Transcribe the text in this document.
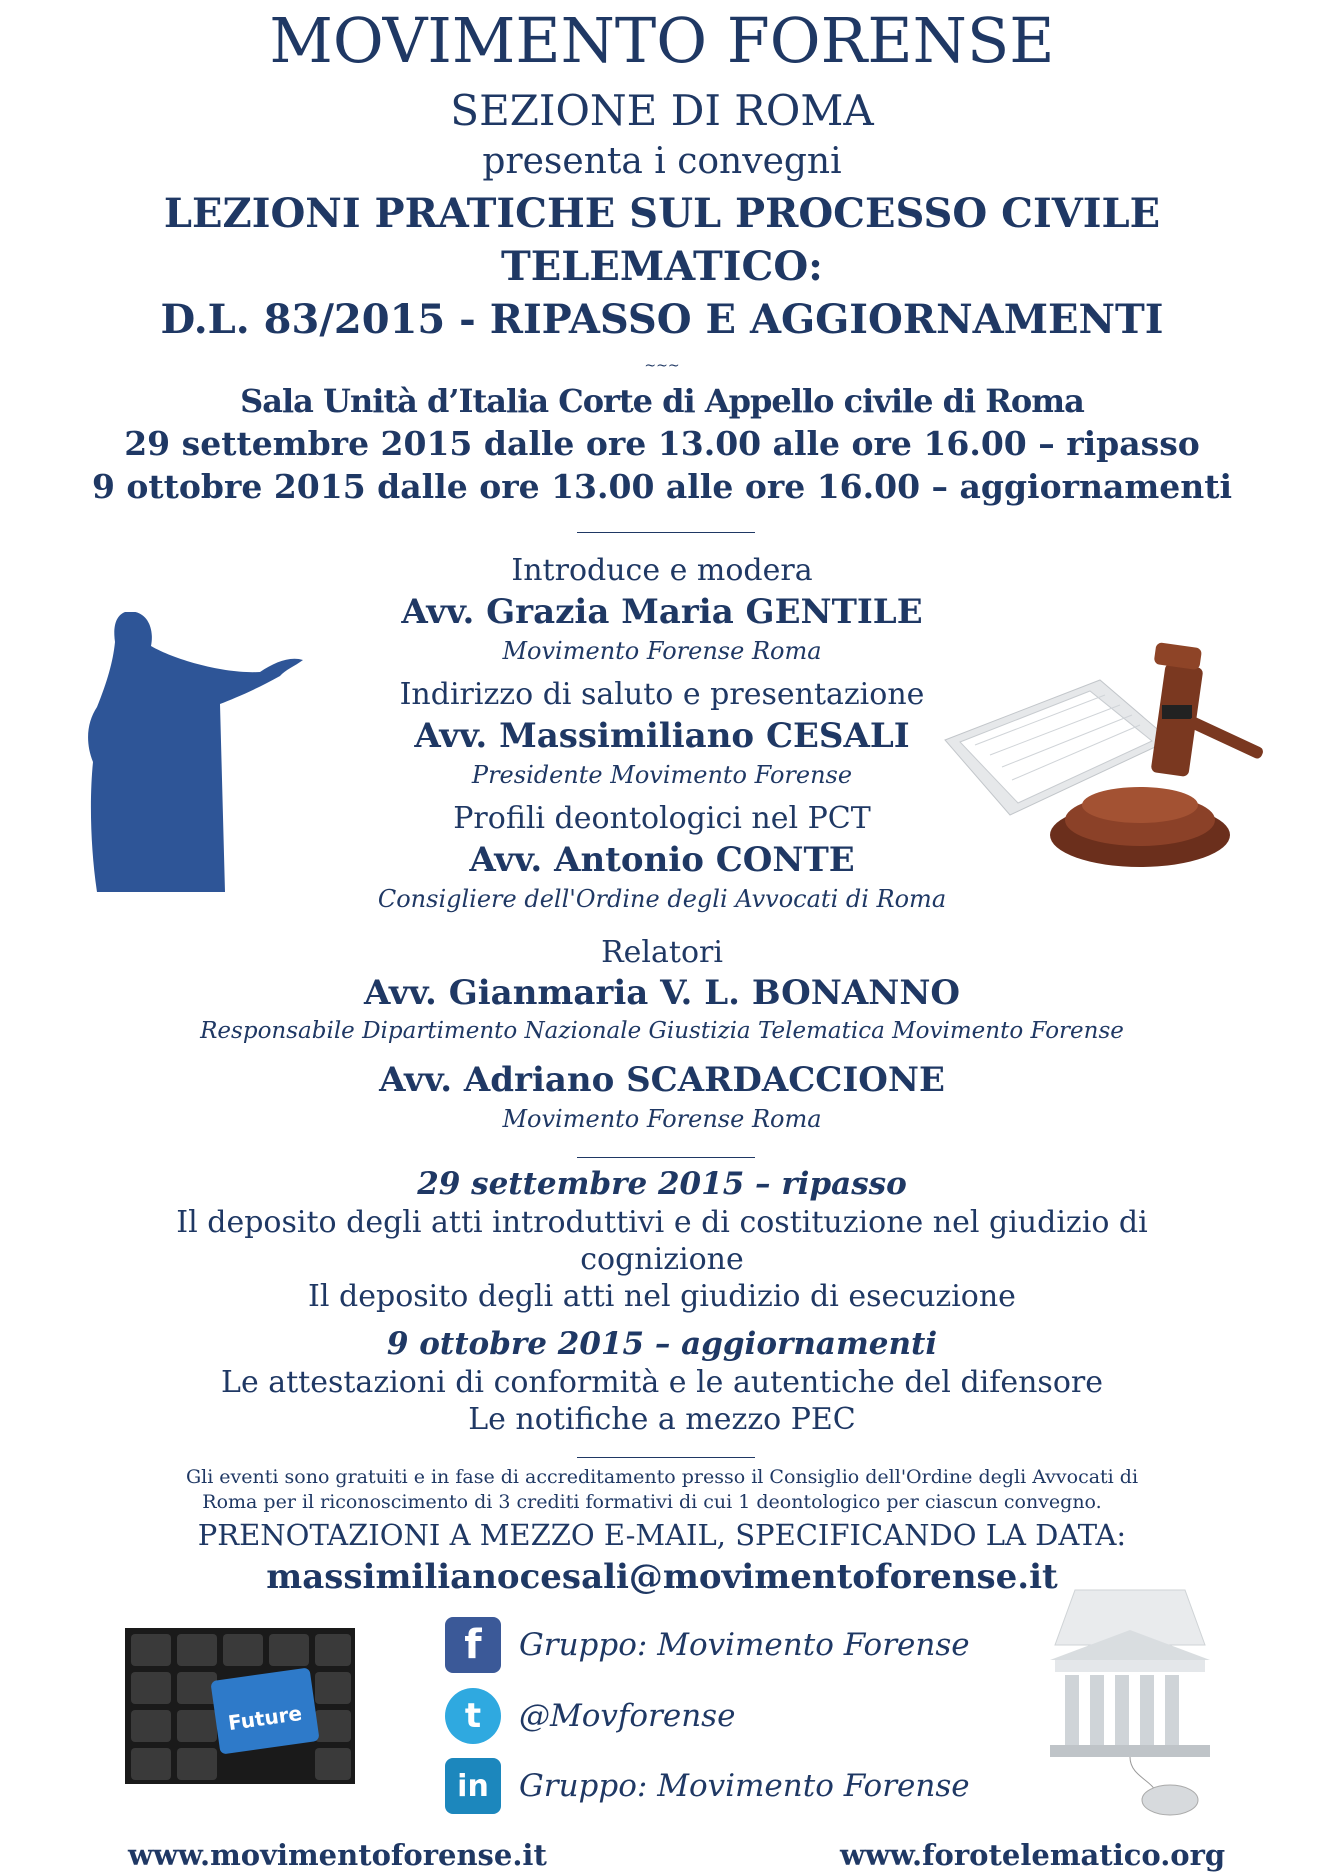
MOVIMENTO FORENSE
SEZIONE DI ROMA
presenta i convegni
LEZIONI PRATICHE SUL PROCESSO CIVILE
TELEMATICO:
D.L. 83/2015 - RIPASSO E AGGIORNAMENTI
~~~
Sala Unità d’Italia Corte di Appello civile di Roma
29 settembre 2015 dalle ore 13.00 alle ore 16.00 – ripasso
9 ottobre 2015 dalle ore 13.00 alle ore 16.00 – aggiornamenti
Introduce e modera
Avv. Grazia Maria GENTILE
Movimento Forense Roma
Indirizzo di saluto e presentazione
Avv. Massimiliano CESALI
Presidente Movimento Forense
Profili deontologici nel PCT
Avv. Antonio CONTE
Consigliere dell'Ordine degli Avvocati di Roma
Relatori
Avv. Gianmaria V. L. BONANNO
Responsabile Dipartimento Nazionale Giustizia Telematica Movimento Forense
Avv. Adriano SCARDACCIONE
Movimento Forense Roma
29 settembre 2015 – ripasso
Il deposito degli atti introduttivi e di costituzione nel giudizio di
cognizione
Il deposito degli atti nel giudizio di esecuzione
9 ottobre 2015 – aggiornamenti
Le attestazioni di conformità e le autentiche del difensore
Le notifiche a mezzo PEC
Gli eventi sono gratuiti e in fase di accreditamento presso il Consiglio dell'Ordine degli Avvocati di
Roma per il riconoscimento di 3 crediti formativi di cui 1 deontologico per ciascun convegno.
PRENOTAZIONI A MEZZO E-MAIL, SPECIFICANDO LA DATA:
massimilianocesali@movimentoforense.it
Future
f	Gruppo: Movimento Forense
t	@Movforense
in Gruppo: Movimento Forense
www.movimentoforense.it	www.forotelematico.org
